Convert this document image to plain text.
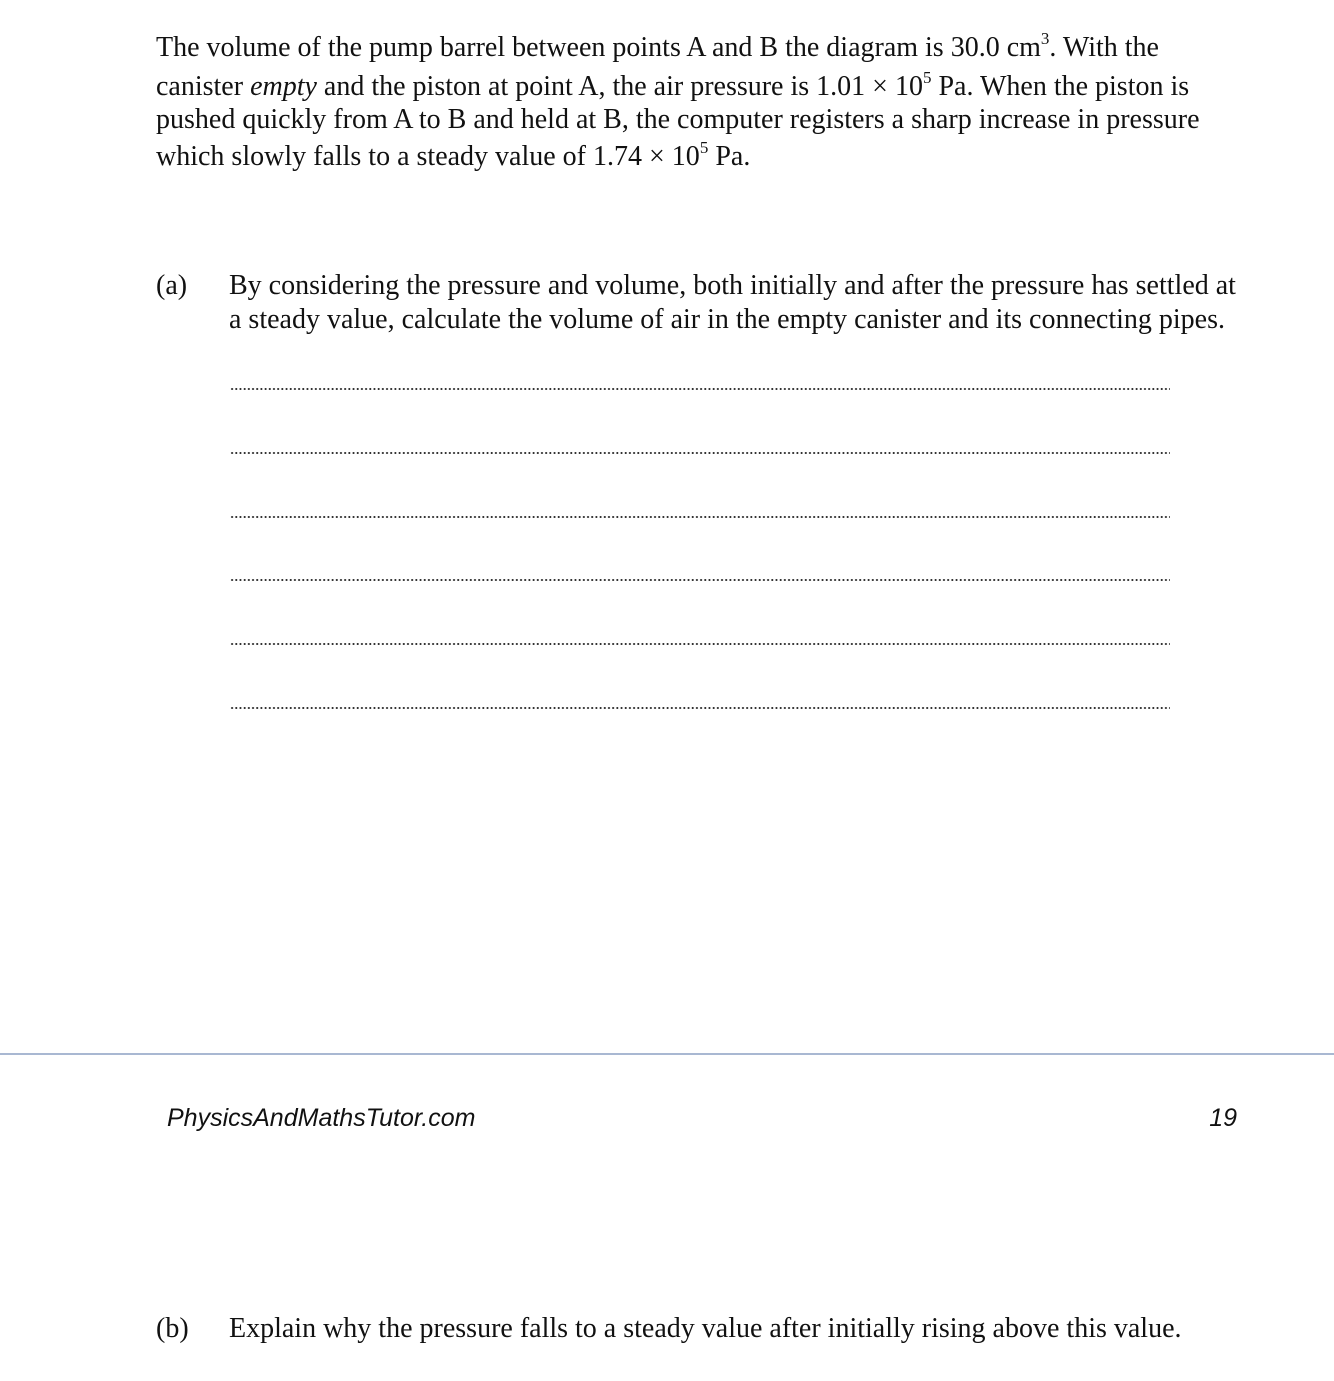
The volume of the pump barrel between points A and B the diagram is 30.0 $cm^3$. With the

canister empty and the piston at point A, the air pressure is $1.01 \times 10^5$ Pa. When the piston is

pushed quickly from A to B and held at B, the computer registers a sharp increase in pressure

which slowly falls to a steady value of $1.74 \times 10^5$ Pa.

(a) By considering the pressure and volume, both initially and after the pressure has settled at
a steady value, calculate the volume of air in the empty canister and its connecting pipes.
PhysicsAndMathsTutor.com	19
(b) Explain why the pressure falls to a steady value after initially rising above this value.
